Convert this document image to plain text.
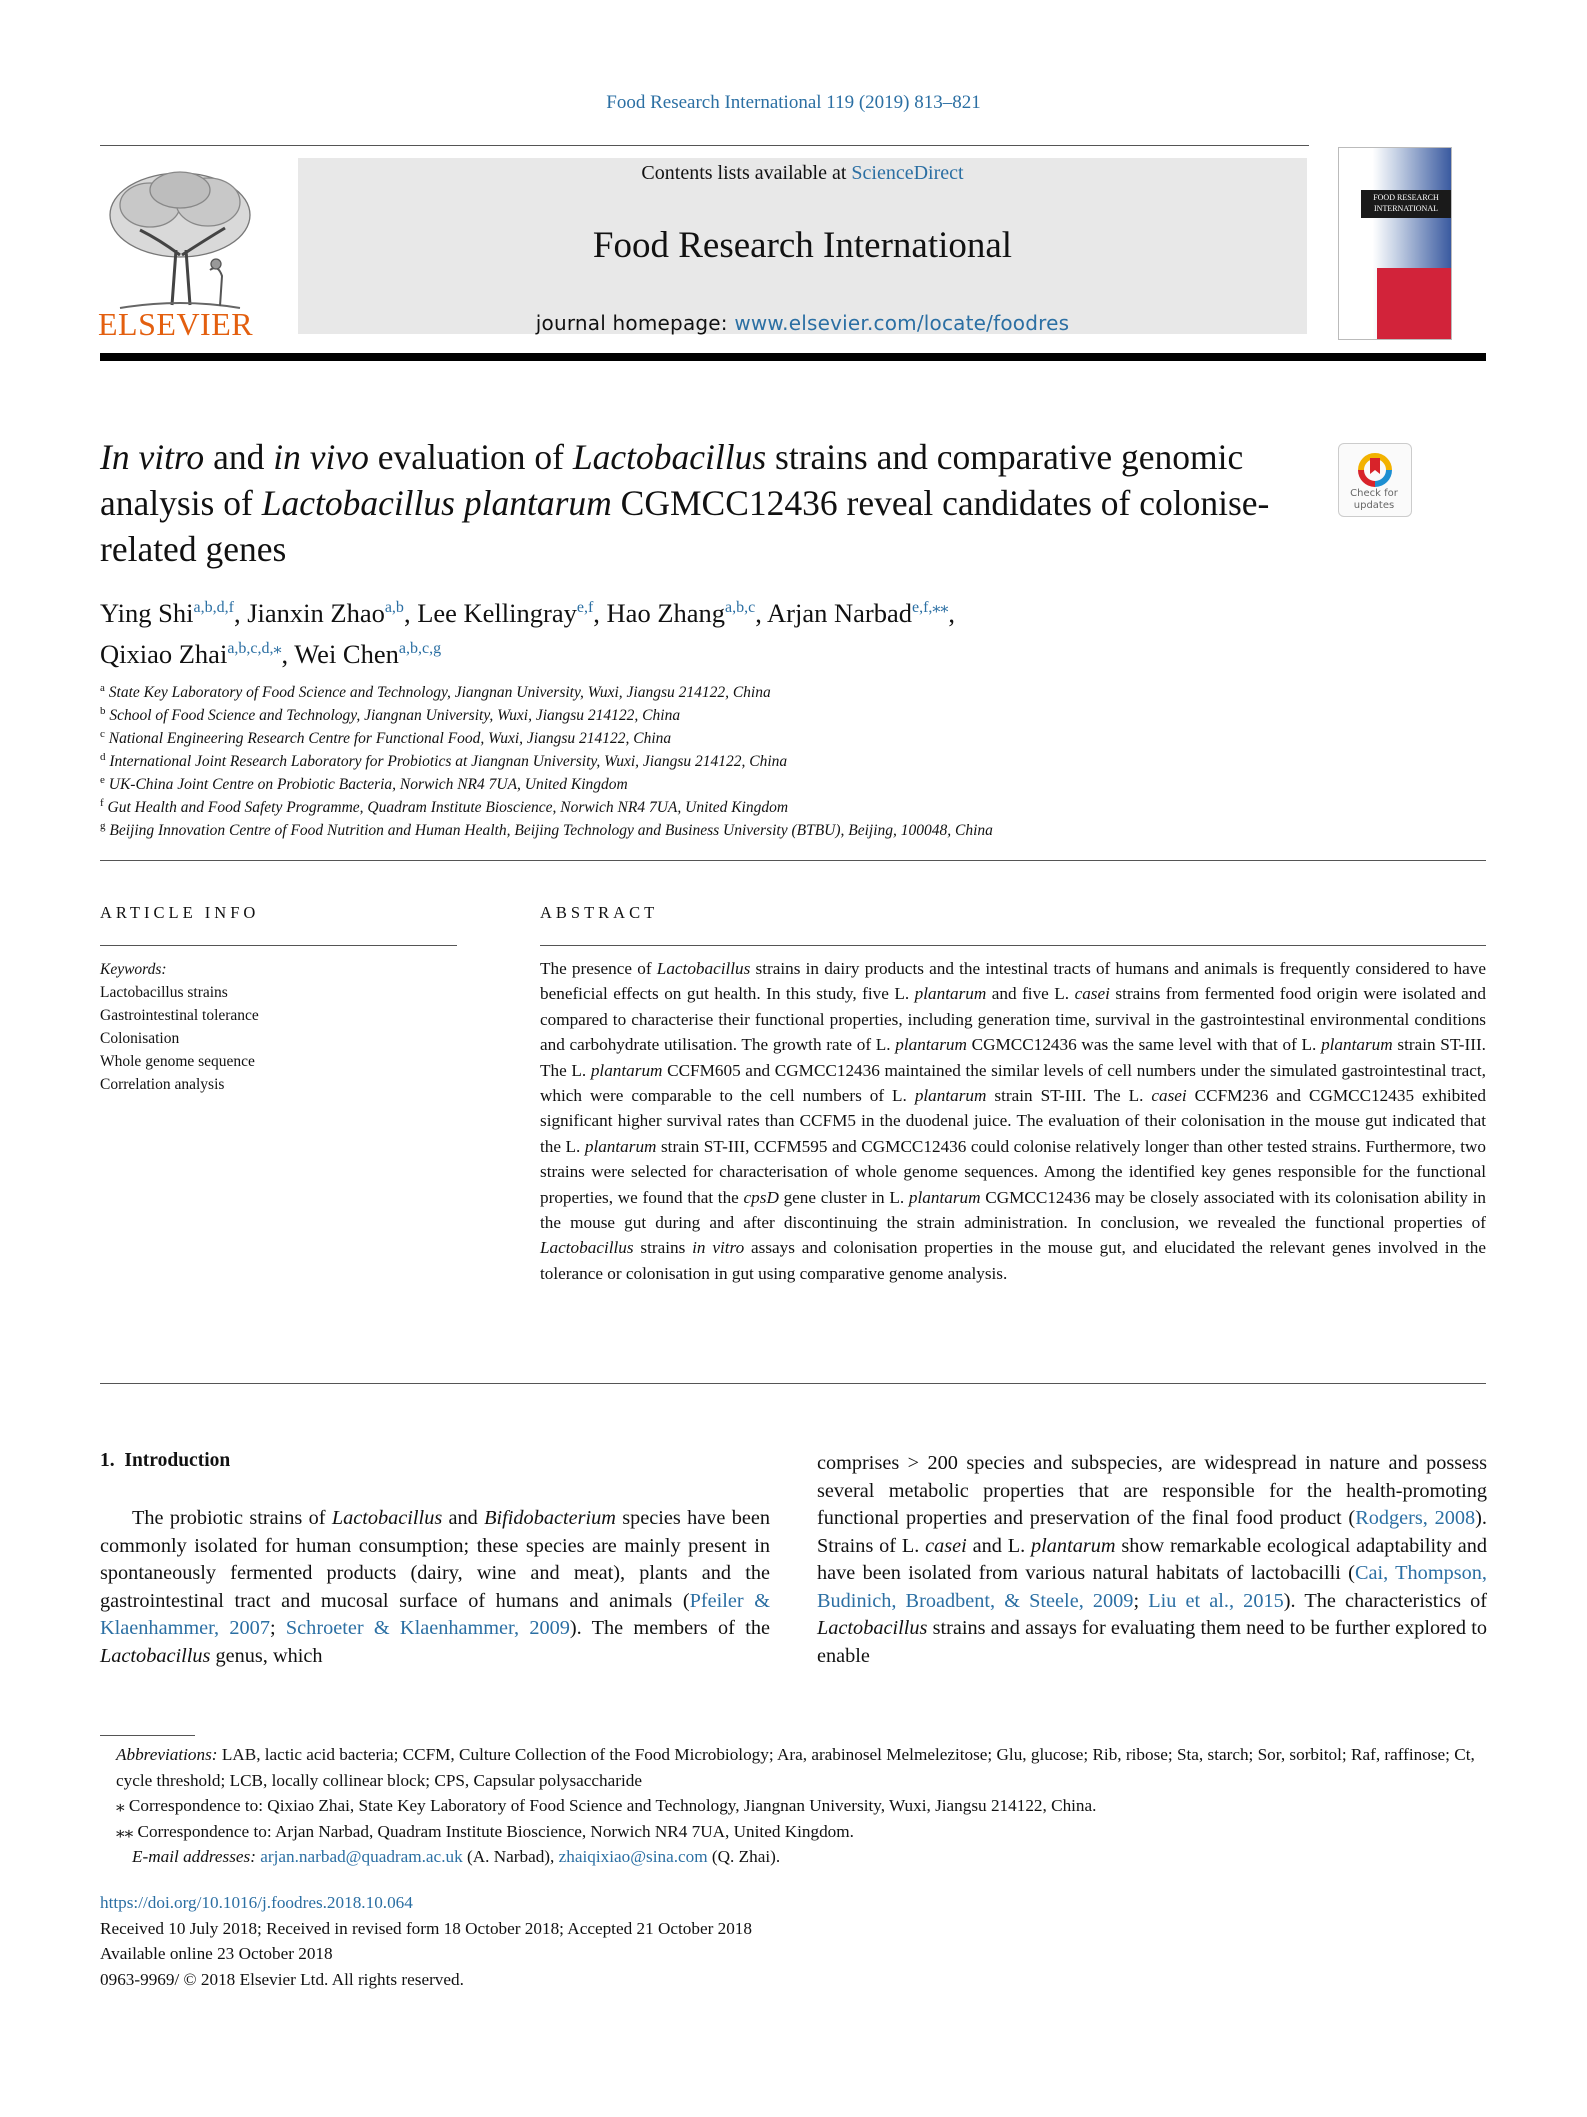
Food Research International 119 (2019) 813–821
Contents lists available at ScienceDirect
Food Research International
journal homepage: www.elsevier.com/locate/foodres
ELSEVIER
FOOD RESEARCH
INTERNATIONAL
In vitro and in vivo evaluation of Lactobacillus strains and comparative genomic analysis of Lactobacillus plantarum CGMCC12436 reveal candidates of colonise-related genes
Check for updates
Ying Shi$^{a,b,d,f}$, Jianxin Zhao$^{a,b}$, Lee Kellingray$^{e,f}$, Hao Zhang$^{a,b,c}$, Arjan Narbad$^{e,f,⁎⁎}$,
Qixiao Zhai$^{a,b,c,d,⁎}$, Wei Chen$^{a,b,c,g}$
$^a$ State Key Laboratory of Food Science and Technology, Jiangnan University, Wuxi, Jiangsu 214122, China
$^b$ School of Food Science and Technology, Jiangnan University, Wuxi, Jiangsu 214122, China
$^c$ National Engineering Research Centre for Functional Food, Wuxi, Jiangsu 214122, China
$^d$ International Joint Research Laboratory for Probiotics at Jiangnan University, Wuxi, Jiangsu 214122, China
$^e$ UK-China Joint Centre on Probiotic Bacteria, Norwich NR4 7UA, United Kingdom
$^f$ Gut Health and Food Safety Programme, Quadram Institute Bioscience, Norwich NR4 7UA, United Kingdom
$^g$ Beijing Innovation Centre of Food Nutrition and Human Health, Beijing Technology and Business University (BTBU), Beijing, 100048, China
ARTICLE INFO	ABSTRACT
Keywords:
Lactobacillus strains
Gastrointestinal tolerance
Colonisation
Whole genome sequence
Correlation analysis
The presence of Lactobacillus strains in dairy products and the intestinal tracts of humans and animals is frequently considered to have beneficial effects on gut health. In this study, five L. plantarum and five L. casei strains from fermented food origin were isolated and compared to characterise their functional properties, including generation time, survival in the gastrointestinal environmental conditions and carbohydrate utilisation. The growth rate of L. plantarum CGMCC12436 was the same level with that of L. plantarum strain ST-III. The L. plantarum CCFM605 and CGMCC12436 maintained the similar levels of cell numbers under the simulated gastrointestinal tract, which were comparable to the cell numbers of L. plantarum strain ST-III. The L. casei CCFM236 and CGMCC12435 exhibited significant higher survival rates than CCFM5 in the duodenal juice. The evaluation of their colonisation in the mouse gut indicated that the L. plantarum strain ST-III, CCFM595 and CGMCC12436 could colonise relatively longer than other tested strains. Furthermore, two strains were selected for characterisation of whole genome sequences. Among the identified key genes responsible for the functional properties, we found that the cpsD gene cluster in L. plantarum CGMCC12436 may be closely associated with its colonisation ability in the mouse gut during and after discontinuing the strain administration. In conclusion, we revealed the functional properties of Lactobacillus strains in vitro assays and colonisation properties in the mouse gut, and elucidated the relevant genes involved in the tolerance or colonisation in gut using comparative genome analysis.
1.  Introduction
The probiotic strains of Lactobacillus and Bifidobacterium species have been commonly isolated for human consumption; these species are mainly present in spontaneously fermented products (dairy, wine and meat), plants and the gastrointestinal tract and mucosal surface of humans and animals (Pfeiler & Klaenhammer, 2007; Schroeter & Klaenhammer, 2009). The members of the Lactobacillus genus, which
comprises > 200 species and subspecies, are widespread in nature and possess several metabolic properties that are responsible for the health-promoting functional properties and preservation of the final food product (Rodgers, 2008). Strains of L. casei and L. plantarum show remarkable ecological adaptability and have been isolated from various natural habitats of lactobacilli (Cai, Thompson, Budinich, Broadbent, & Steele, 2009; Liu et al., 2015). The characteristics of Lactobacillus strains and assays for evaluating them need to be further explored to enable
Abbreviations: LAB, lactic acid bacteria; CCFM, Culture Collection of the Food Microbiology; Ara, arabinosel Melmelezitose; Glu, glucose; Rib, ribose; Sta, starch; Sor, sorbitol; Raf, raffinose; Ct, cycle threshold; LCB, locally collinear block; CPS, Capsular polysaccharide
⁎ Correspondence to: Qixiao Zhai, State Key Laboratory of Food Science and Technology, Jiangnan University, Wuxi, Jiangsu 214122, China.
⁎⁎ Correspondence to: Arjan Narbad, Quadram Institute Bioscience, Norwich NR4 7UA, United Kingdom.
E-mail addresses: arjan.narbad@quadram.ac.uk (A. Narbad), zhaiqixiao@sina.com (Q. Zhai).
https://doi.org/10.1016/j.foodres.2018.10.064
Received 10 July 2018; Received in revised form 18 October 2018; Accepted 21 October 2018
Available online 23 October 2018
0963-9969/ © 2018 Elsevier Ltd. All rights reserved.
